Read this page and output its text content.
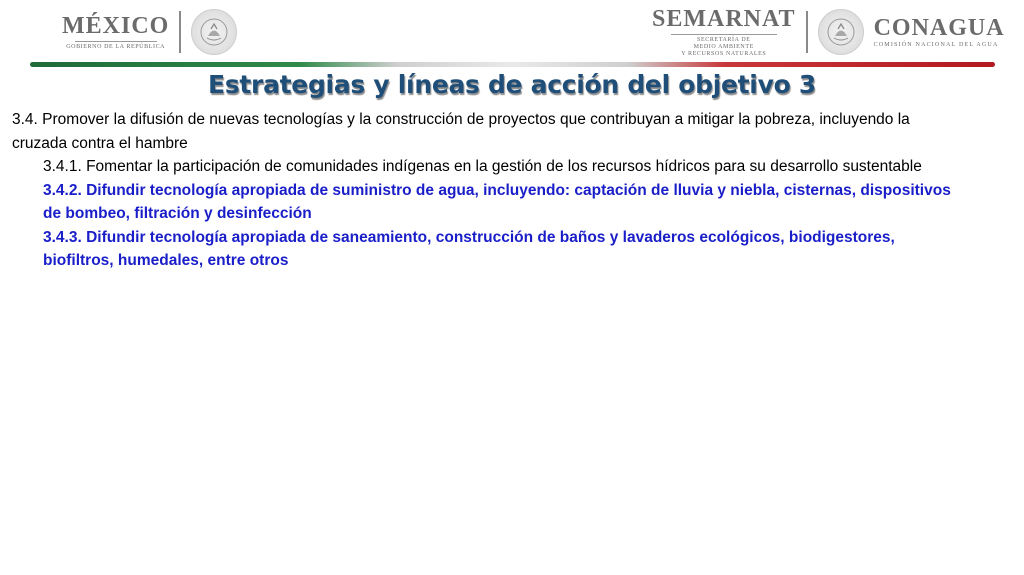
MÉXICO
GOBIERNO DE LA REPÚBLICA
SEMARNAT
SECRETARÍA DE
MEDIO AMBIENTE
Y RECURSOS NATURALES
CONAGUA
COMISIÓN NACIONAL DEL AGUA
Estrategias y líneas de acción del objetivo 3

3.4. Promover la difusión de nuevas tecnologías y la construcción de proyectos que contribuyan a mitigar la pobreza, incluyendo la cruzada contra el hambre

3.4.1. Fomentar la participación de comunidades indígenas en la gestión de los recursos hídricos para su desarrollo sustentable

3.4.2. Difundir tecnología apropiada de suministro de agua, incluyendo: captación de lluvia y niebla, cisternas, dispositivos de bombeo, filtración y desinfección

3.4.3. Difundir tecnología apropiada de saneamiento, construcción de baños y lavaderos ecológicos, biodigestores, biofiltros, humedales, entre otros
